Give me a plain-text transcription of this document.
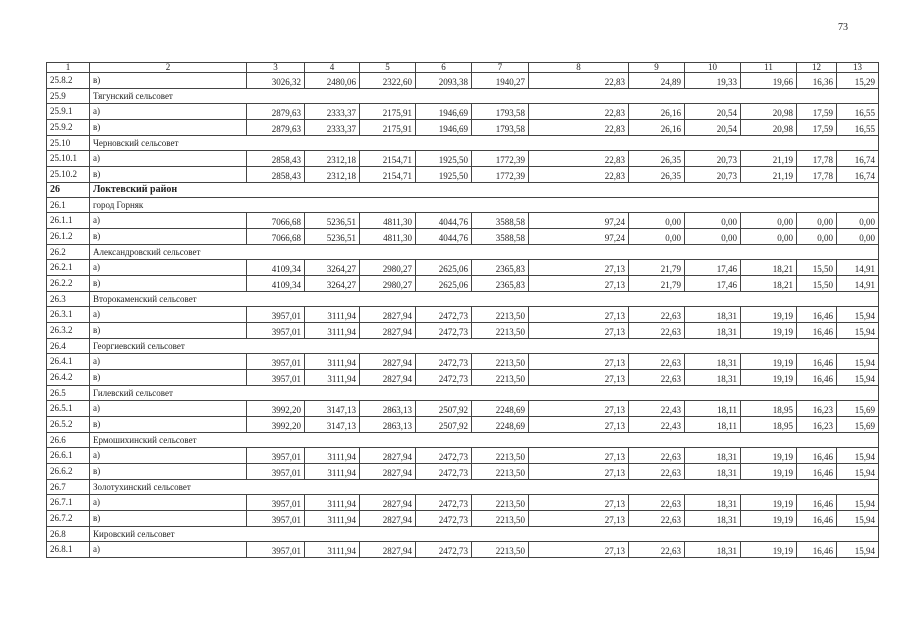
73
1	2	3	4	5	6	7	8	9	10	11	12	13
25.8.2	в)	3026,32	2480,06	2322,60	2093,38	1940,27	22,83	24,89	19,33	19,66	16,36	15,29
25.9	Тягунский сельсовет											
25.9.1	а)	2879,63	2333,37	2175,91	1946,69	1793,58	22,83	26,16	20,54	20,98	17,59	16,55
25.9.2	в)	2879,63	2333,37	2175,91	1946,69	1793,58	22,83	26,16	20,54	20,98	17,59	16,55
25.10	Черновский сельсовет											
25.10.1	а)	2858,43	2312,18	2154,71	1925,50	1772,39	22,83	26,35	20,73	21,19	17,78	16,74
25.10.2	в)	2858,43	2312,18	2154,71	1925,50	1772,39	22,83	26,35	20,73	21,19	17,78	16,74
26	Локтевский район											
26.1	город Горняк											
26.1.1	а)	7066,68	5236,51	4811,30	4044,76	3588,58	97,24	0,00	0,00	0,00	0,00	0,00
26.1.2	в)	7066,68	5236,51	4811,30	4044,76	3588,58	97,24	0,00	0,00	0,00	0,00	0,00
26.2	Александровский сельсовет											
26.2.1	а)	4109,34	3264,27	2980,27	2625,06	2365,83	27,13	21,79	17,46	18,21	15,50	14,91
26.2.2	в)	4109,34	3264,27	2980,27	2625,06	2365,83	27,13	21,79	17,46	18,21	15,50	14,91
26.3	Второкаменский сельсовет											
26.3.1	а)	3957,01	3111,94	2827,94	2472,73	2213,50	27,13	22,63	18,31	19,19	16,46	15,94
26.3.2	в)	3957,01	3111,94	2827,94	2472,73	2213,50	27,13	22,63	18,31	19,19	16,46	15,94
26.4	Георгиевский сельсовет											
26.4.1	а)	3957,01	3111,94	2827,94	2472,73	2213,50	27,13	22,63	18,31	19,19	16,46	15,94
26.4.2	в)	3957,01	3111,94	2827,94	2472,73	2213,50	27,13	22,63	18,31	19,19	16,46	15,94
26.5	Гилевский сельсовет											
26.5.1	а)	3992,20	3147,13	2863,13	2507,92	2248,69	27,13	22,43	18,11	18,95	16,23	15,69
26.5.2	в)	3992,20	3147,13	2863,13	2507,92	2248,69	27,13	22,43	18,11	18,95	16,23	15,69
26.6	Ермошихинский сельсовет											
26.6.1	а)	3957,01	3111,94	2827,94	2472,73	2213,50	27,13	22,63	18,31	19,19	16,46	15,94
26.6.2	в)	3957,01	3111,94	2827,94	2472,73	2213,50	27,13	22,63	18,31	19,19	16,46	15,94
26.7	Золотухинский сельсовет											
26.7.1	а)	3957,01	3111,94	2827,94	2472,73	2213,50	27,13	22,63	18,31	19,19	16,46	15,94
26.7.2	в)	3957,01	3111,94	2827,94	2472,73	2213,50	27,13	22,63	18,31	19,19	16,46	15,94
26.8	Кировский сельсовет											
26.8.1	а)	3957,01	3111,94	2827,94	2472,73	2213,50	27,13	22,63	18,31	19,19	16,46	15,94
